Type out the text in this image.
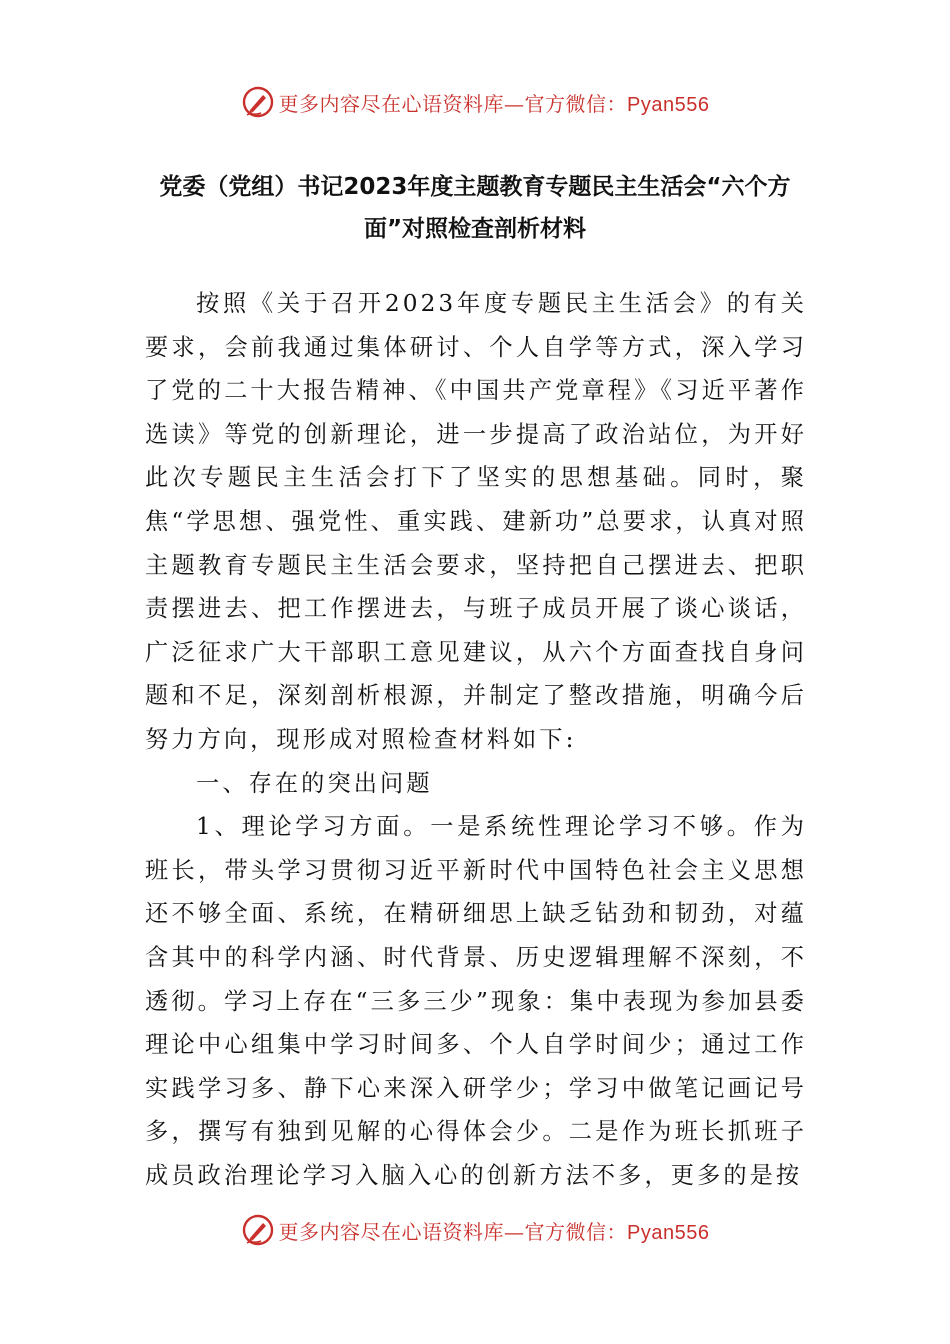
更多内容尽在心语资料库—官方微信：Pyan556
党委（党组）书记2023年度主题教育专题民主生活会“六个方面”对照检查剖析材料

按照《关于召开2023年度专题民主生活会》的有关要求，会前我通过集体研讨、个人自学等方式，深入学习了党的二十大报告精神、《中国共产党章程》《习近平著作选读》等党的创新理论，进一步提高了政治站位，为开好此次专题民主生活会打下了坚实的思想基础。同时，聚焦“学思想、强党性、重实践、建新功”总要求，认真对照主题教育专题民主生活会要求，坚持把自己摆进去、把职责摆进去、把工作摆进去，与班子成员开展了谈心谈话，广泛征求广大干部职工意见建议，从六个方面查找自身问题和不足，深刻剖析根源，并制定了整改措施，明确今后努力方向，现形成对照检查材料如下:

一、存在的突出问题

1、理论学习方面。一是系统性理论学习不够。作为班长，带头学习贯彻习近平新时代中国特色社会主义思想还不够全面、系统，在精研细思上缺乏钻劲和韧劲，对蕴含其中的科学内涵、时代背景、历史逻辑理解不深刻，不透彻。学习上存在“三多三少”现象：集中表现为参加县委理论中心组集中学习时间多、个人自学时间少；通过工作实践学习多、静下心来深入研学少；学习中做笔记画记号多，撰写有独到见解的心得体会少。二是作为班长抓班子成员政治理论学习入脑入心的创新方法不多，更多的是按

更多内容尽在心语资料库—官方微信：Pyan556
